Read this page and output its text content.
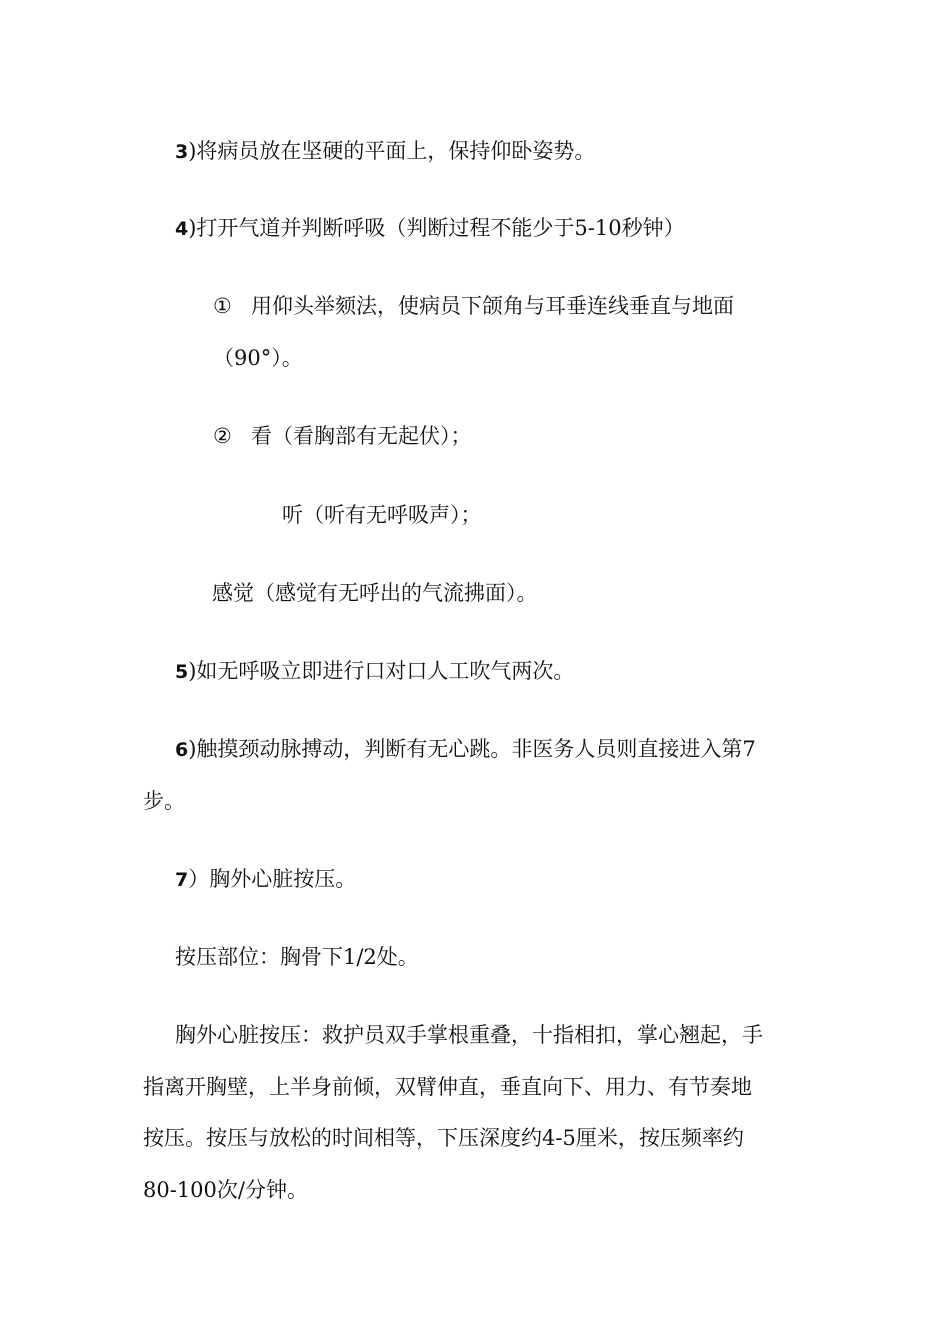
3)将病员放在坚硬的平面上，保持仰卧姿势。
4)打开气道并判断呼吸（判断过程不能少于5-10秒钟）
① 用仰头举颏法，使病员下颌角与耳垂连线垂直与地面
（90°）。
② 看（看胸部有无起伏）；
听（听有无呼吸声）；
感觉（感觉有无呼出的气流拂面）。
5)如无呼吸立即进行口对口人工吹气两次。
6)触摸颈动脉搏动，判断有无心跳。非医务人员则直接进入第7
步。
7）胸外心脏按压。
按压部位：胸骨下1/2处。
胸外心脏按压：救护员双手掌根重叠，十指相扣，掌心翘起，手
指离开胸壁，上半身前倾，双臂伸直，垂直向下、用力、有节奏地
按压。按压与放松的时间相等，下压深度约4-5厘米，按压频率约
80-100次/分钟。
